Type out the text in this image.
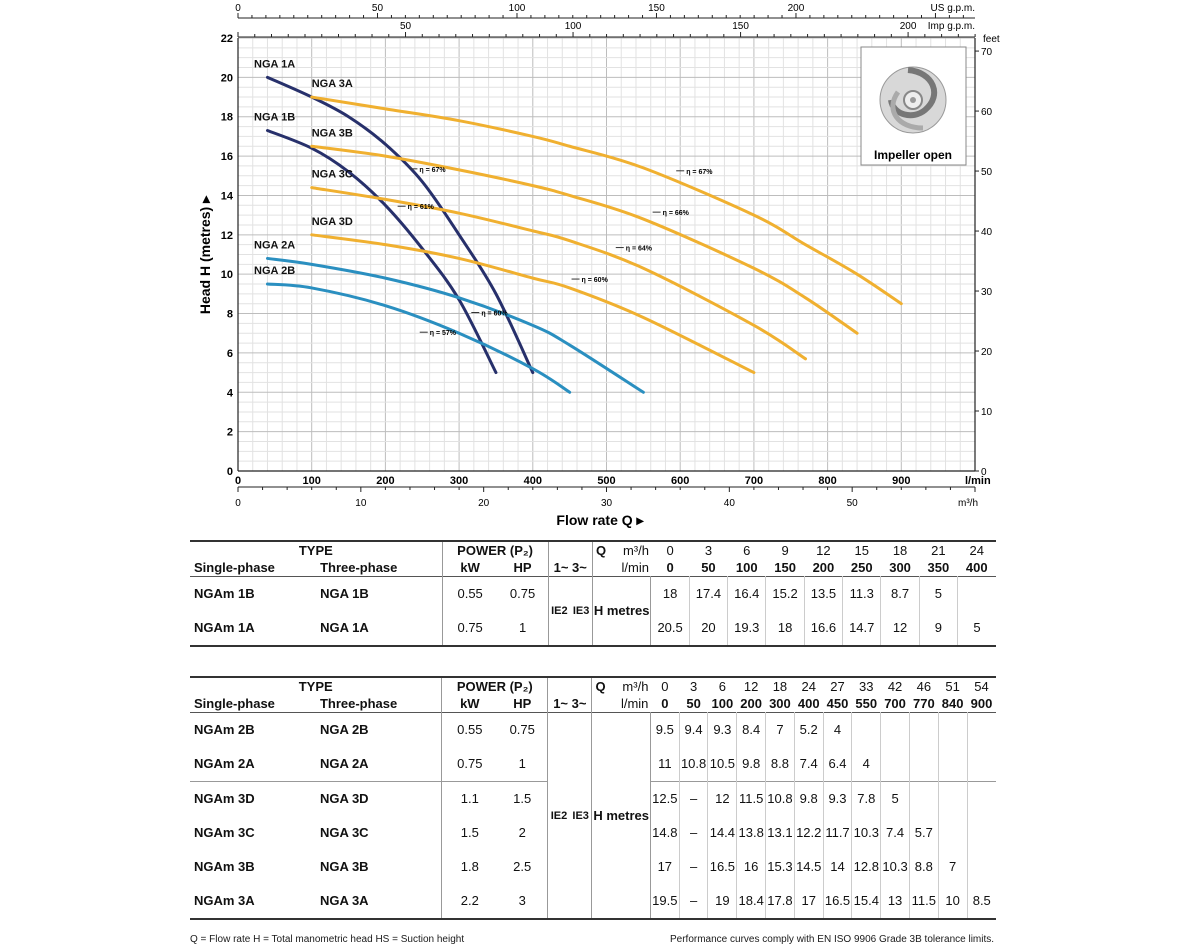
0
2
4
6
8
10
12
14
16
18
20
22
0
10
20
30
40
50
60
70
feet
0	100	200	300	400	500	600	700	800	900	l/min
0	10	20	30	40	50	m³/h
0	50	100	150	200	US g.p.m.
50	100	150	200 Imp g.p.m.
Flow rate Q ▸
Head H (metres) ▸
NGA 1A
NGA 1B
NGA 3A
NGA 3B
NGA 3C
NGA 3D
NGA 2A
NGA 2B
η = 67%
η = 66%
η = 64%
η = 60%
η = 67%
η = 61%
η = 60%
η = 57%
Impeller open
TYPE		POWER (P₂)		1~ 3~		Q m³/h
l/min	0	3	6	9	12	15	18	21	24
Single-phase	Three-phase	kW	HP				0	50	100	150	200	250	300	350	400
NGAm 1B	NGA 1B	0.55	0.75	IE2	IE3	H metres	18	17.4	16.4	15.2	13.5	11.3	8.7	5	
NGAm 1A	NGA 1A	0.75	1				20.5	20	19.3	18	16.6	14.7	12	9	5
TYPE		POWER (P₂)		1~ 3~		Q m³/h
l/min	0	3	6	12	18	24	27	33	42	46	51	54
Single-phase	Three-phase	kW	HP				0	50	100	200	300	400	450	550	700	770	840	900
NGAm 2B	NGA 2B	0.55	0.75	IE2	IE3	H metres	9.5	9.4	9.3	8.4	7	5.2	4					
NGAm 2A	NGA 2A	0.75	1				11	10.8	10.5	9.8	8.8	7.4	6.4	4				
NGAm 3D	NGA 3D	1.1	1.5				12.5	–	12	11.5	10.8	9.8	9.3	7.8	5			
NGAm 3C	NGA 3C	1.5	2				14.8	–	14.4	13.8	13.1	12.2	11.7	10.3	7.4	5.7		
NGAm 3B	NGA 3B	1.8	2.5				17	–	16.5	16	15.3	14.5	14	12.8	10.3	8.8	7	
NGAm 3A	NGA 3A	2.2	3				19.5	–	19	18.4	17.8	17	16.5	15.4	13	11.5	10	8.5
Q = Flow rate H = Total manometric head HS = Suction height	Performance curves comply with EN ISO 9906 Grade 3B tolerance limits.
